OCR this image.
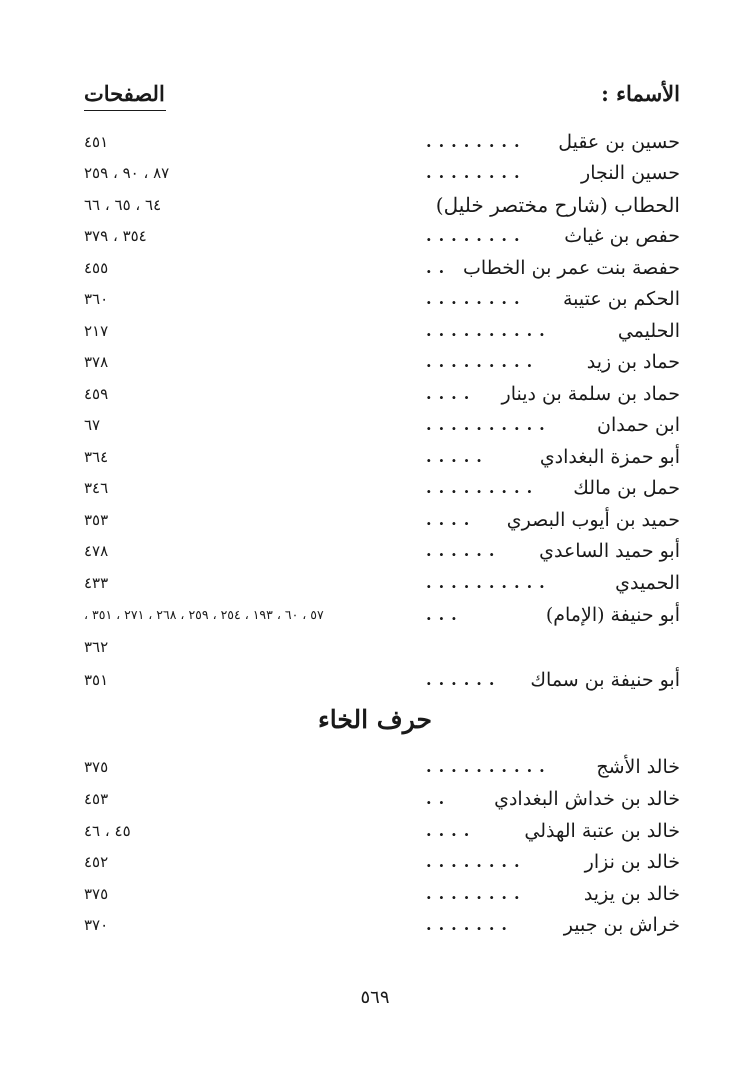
الصفحات	الأسماء :
حسين بن عقيل
........
٤٥١
حسين النجار
........
٨٧ ، ٩٠ ، ٢٥٩
الحطاب (شارح مختصر خليل)
٦٤ ، ٦٥ ، ٦٦
حفص بن غياث
........
٣٥٤ ، ٣٧٩
حفصة بنت عمر بن الخطاب
..
٤٥٥
الحكم بن عتيبة
........
٣٦٠
الحليمي
..........
٢١٧
حماد بن زيد
.........
٣٧٨
حماد بن سلمة بن دينار
....
٤٥٩
ابن حمدان
..........
٦٧
أبو حمزة البغدادي
.....
٣٦٤
حمل بن مالك
.........
٣٤٦
حميد بن أيوب البصري
....
٣٥٣
أبو حميد الساعدي
......
٤٧٨
الحميدي
..........
٤٣٣
أبو حنيفة (الإمام)
...
٥٧ ، ٦٠ ، ١٩٣ ، ٢٥٤ ، ٢٥٩ ، ٢٦٨ ، ٢٧١ ، ٣٥١ ،
٣٦٢
أبو حنيفة بن سماك
......
٣٥١
حرف الخاء
خالد الأشج
..........
٣٧٥
خالد بن خداش البغدادي
..
٤٥٣
خالد بن عتبة الهذلي
....
٤٥ ، ٤٦
خالد بن نزار
........
٤٥٢
خالد بن يزيد
........
٣٧٥
خراش بن جبير
.......
٣٧٠
٥٦٩
